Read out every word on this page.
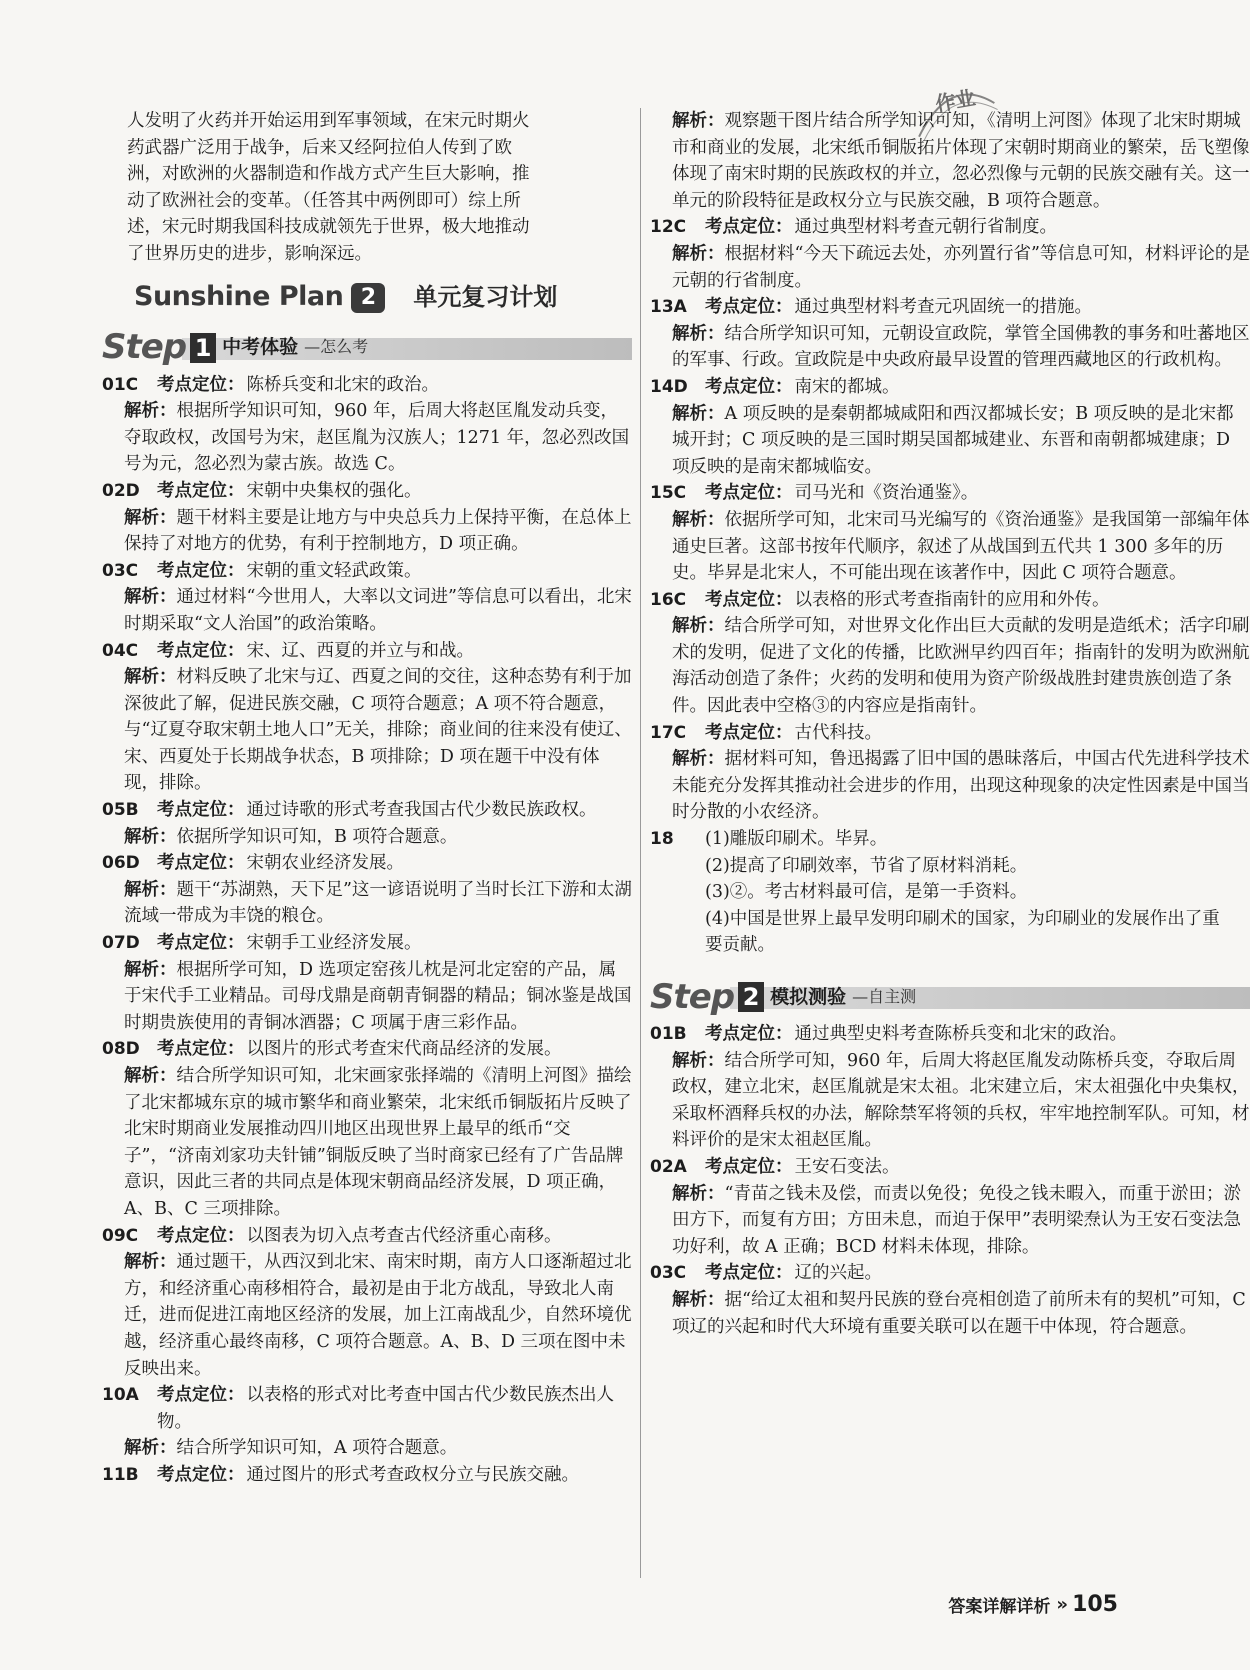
作业
人发明了火药并开始运用到军事领域，在宋元时期火
药武器广泛用于战争，后来又经阿拉伯人传到了欧
洲，对欧洲的火器制造和作战方式产生巨大影响，推
动了欧洲社会的变革。（任答其中两例即可）综上所
述，宋元时期我国科技成就领先于世界，极大地推动
了世界历史的进步，影响深远。
Sunshine Plan 2	单元复习计划
Step 1 中考体验 —怎么考
01C	考点定位： 陈桥兵变和北宋的政治。
解析：根据所学知识可知，960 年，后周大将赵匡胤发动兵变，夺取政权，改国号为宋，赵匡胤为汉族人；1271 年，忽必烈改国号为元，忽必烈为蒙古族。故选 C。
02D 考点定位： 宋朝中央集权的强化。
解析：题干材料主要是让地方与中央总兵力上保持平衡，在总体上保持了对地方的优势，有利于控制地方，D 项正确。
03C	考点定位： 宋朝的重文轻武政策。
解析：通过材料“今世用人，大率以文词进”等信息可以看出，北宋时期采取“文人治国”的政治策略。
04C	考点定位： 宋、辽、西夏的并立与和战。
解析：材料反映了北宋与辽、西夏之间的交往，这种态势有利于加深彼此了解，促进民族交融，C 项符合题意；A 项不符合题意，与“辽夏夺取宋朝土地人口”无关，排除；商业间的往来没有使辽、宋、西夏处于长期战争状态，B 项排除；D 项在题干中没有体现，排除。
05B	考点定位： 通过诗歌的形式考查我国古代少数民族政权。
解析：依据所学知识可知，B 项符合题意。
06D 考点定位： 宋朝农业经济发展。
解析：题干“苏湖熟，天下足”这一谚语说明了当时长江下游和太湖流域一带成为丰饶的粮仓。
07D 考点定位： 宋朝手工业经济发展。
解析：根据所学可知，D 选项定窑孩儿枕是河北定窑的产品，属于宋代手工业精品。司母戊鼎是商朝青铜器的精品；铜冰鉴是战国时期贵族使用的青铜冰酒器；C 项属于唐三彩作品。
08D 考点定位： 以图片的形式考查宋代商品经济的发展。
解析：结合所学知识可知，北宋画家张择端的《清明上河图》描绘了北宋都城东京的城市繁华和商业繁荣，北宋纸币铜版拓片反映了北宋时期商业发展推动四川地区出现世界上最早的纸币“交子”，“济南刘家功夫针铺”铜版反映了当时商家已经有了广告品牌意识，因此三者的共同点是体现宋朝商品经济发展，D 项正确，A、B、C 三项排除。
09C	考点定位： 以图表为切入点考查古代经济重心南移。
解析：通过题干，从西汉到北宋、南宋时期，南方人口逐渐超过北方，和经济重心南移相符合，最初是由于北方战乱，导致北人南迁，进而促进江南地区经济的发展，加上江南战乱少，自然环境优越，经济重心最终南移，C 项符合题意。A、B、D 三项在图中未反映出来。
10A	考点定位： 以表格的形式对比考查中国古代少数民族杰出人物。
解析：结合所学知识可知，A 项符合题意。
11B	考点定位： 通过图片的形式考查政权分立与民族交融。
解析：观察题干图片结合所学知识可知，《清明上河图》体现了北宋时期城市和商业的发展，北宋纸币铜版拓片体现了宋朝时期商业的繁荣，岳飞塑像体现了南宋时期的民族政权的并立，忽必烈像与元朝的民族交融有关。这一单元的阶段特征是政权分立与民族交融，B 项符合题意。
12C	考点定位： 通过典型材料考查元朝行省制度。
解析：根据材料“今天下疏远去处，亦列置行省”等信息可知，材料评论的是元朝的行省制度。
13A	考点定位： 通过典型材料考查元巩固统一的措施。
解析：结合所学知识可知，元朝设宣政院，掌管全国佛教的事务和吐蕃地区的军事、行政。宣政院是中央政府最早设置的管理西藏地区的行政机构。
14D 考点定位： 南宋的都城。
解析：A 项反映的是秦朝都城咸阳和西汉都城长安；B 项反映的是北宋都城开封；C 项反映的是三国时期吴国都城建业、东晋和南朝都城建康；D 项反映的是南宋都城临安。
15C	考点定位： 司马光和《资治通鉴》。
解析：依据所学可知，北宋司马光编写的《资治通鉴》是我国第一部编年体通史巨著。这部书按年代顺序，叙述了从战国到五代共 1 300 多年的历史。毕昇是北宋人，不可能出现在该著作中，因此 C 项符合题意。
16C	考点定位： 以表格的形式考查指南针的应用和外传。
解析：结合所学可知，对世界文化作出巨大贡献的发明是造纸术；活字印刷术的发明，促进了文化的传播，比欧洲早约四百年；指南针的发明为欧洲航海活动创造了条件；火药的发明和使用为资产阶级战胜封建贵族创造了条件。因此表中空格③的内容应是指南针。
17C	考点定位： 古代科技。
解析：据材料可知，鲁迅揭露了旧中国的愚昧落后，中国古代先进科学技术未能充分发挥其推动社会进步的作用，出现这种现象的决定性因素是中国当时分散的小农经济。
18	(1)雕版印刷术。毕昇。
(2)提高了印刷效率，节省了原材料消耗。
(3)②。考古材料最可信，是第一手资料。
(4)中国是世界上最早发明印刷术的国家，为印刷业的发展作出了重要贡献。
Step 2 模拟测验 —自主测
01B	考点定位： 通过典型史料考查陈桥兵变和北宋的政治。
解析：结合所学可知，960 年，后周大将赵匡胤发动陈桥兵变，夺取后周政权，建立北宋，赵匡胤就是宋太祖。北宋建立后，宋太祖强化中央集权，采取杯酒释兵权的办法，解除禁军将领的兵权，牢牢地控制军队。可知，材料评价的是宋太祖赵匡胤。
02A	考点定位： 王安石变法。
解析：“青苗之钱未及偿，而责以免役；免役之钱未暇入，而重于淤田；淤田方下，而复有方田；方田未息，而迫于保甲”表明梁焘认为王安石变法急功好利，故 A 正确；BCD 材料未体现，排除。
03C	考点定位： 辽的兴起。
解析：据“给辽太祖和契丹民族的登台亮相创造了前所未有的契机”可知，C 项辽的兴起和时代大环境有重要关联可以在题干中体现，符合题意。
答案详解详析 » 105
